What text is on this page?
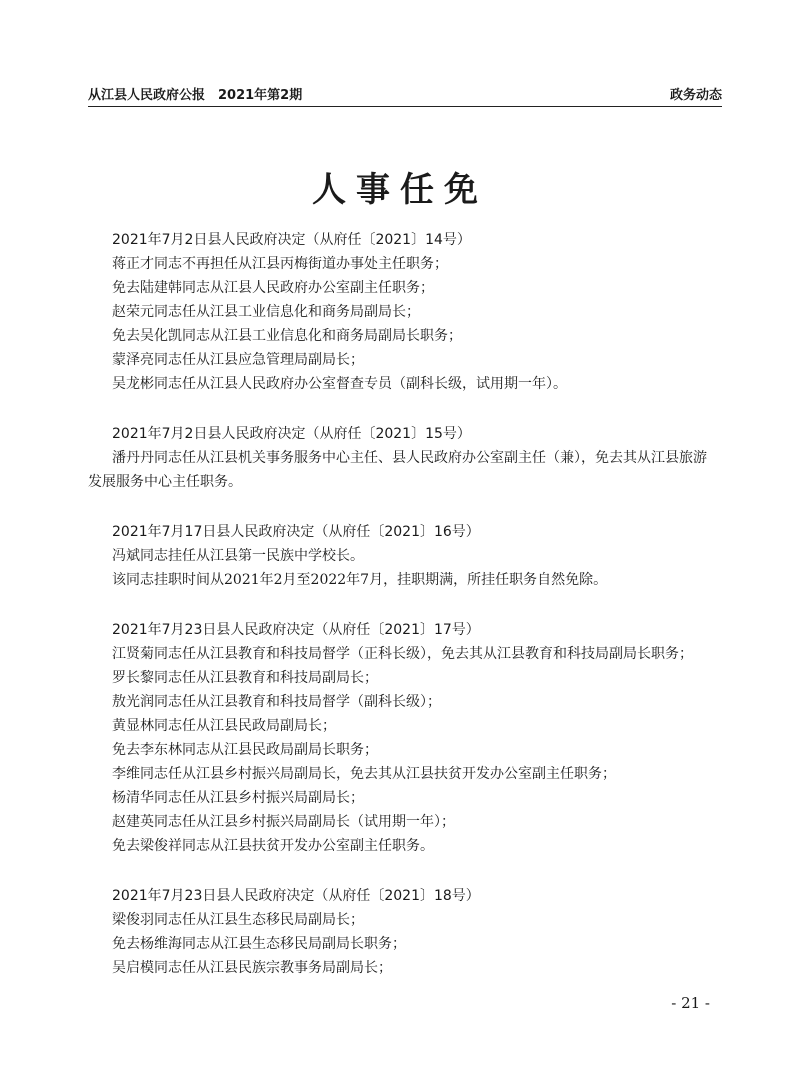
从江县人民政府公报　2021年第2期	政务动态
人事任免
2021年7月2日县人民政府决定（从府任〔2021〕14号）
蒋正才同志不再担任从江县丙梅街道办事处主任职务；
免去陆建韩同志从江县人民政府办公室副主任职务；
赵荣元同志任从江县工业信息化和商务局副局长；
免去吴化凯同志从江县工业信息化和商务局副局长职务；
蒙泽亮同志任从江县应急管理局副局长；
吴龙彬同志任从江县人民政府办公室督查专员（副科长级，试用期一年）。
2021年7月2日县人民政府决定（从府任〔2021〕15号）
潘丹丹同志任从江县机关事务服务中心主任、县人民政府办公室副主任（兼），免去其从江县旅游发展服务中心主任职务。
2021年7月17日县人民政府决定（从府任〔2021〕16号）
冯斌同志挂任从江县第一民族中学校长。
该同志挂职时间从2021年2月至2022年7月，挂职期满，所挂任职务自然免除。
2021年7月23日县人民政府决定（从府任〔2021〕17号）
江贤菊同志任从江县教育和科技局督学（正科长级），免去其从江县教育和科技局副局长职务；
罗长黎同志任从江县教育和科技局副局长；
敖光润同志任从江县教育和科技局督学（副科长级）；
黄显林同志任从江县民政局副局长；
免去李东林同志从江县民政局副局长职务；
李维同志任从江县乡村振兴局副局长，免去其从江县扶贫开发办公室副主任职务；
杨清华同志任从江县乡村振兴局副局长；
赵建英同志任从江县乡村振兴局副局长（试用期一年）；
免去梁俊祥同志从江县扶贫开发办公室副主任职务。
2021年7月23日县人民政府决定（从府任〔2021〕18号）
梁俊羽同志任从江县生态移民局副局长；
免去杨维海同志从江县生态移民局副局长职务；
吴启模同志任从江县民族宗教事务局副局长；
- 21 -
